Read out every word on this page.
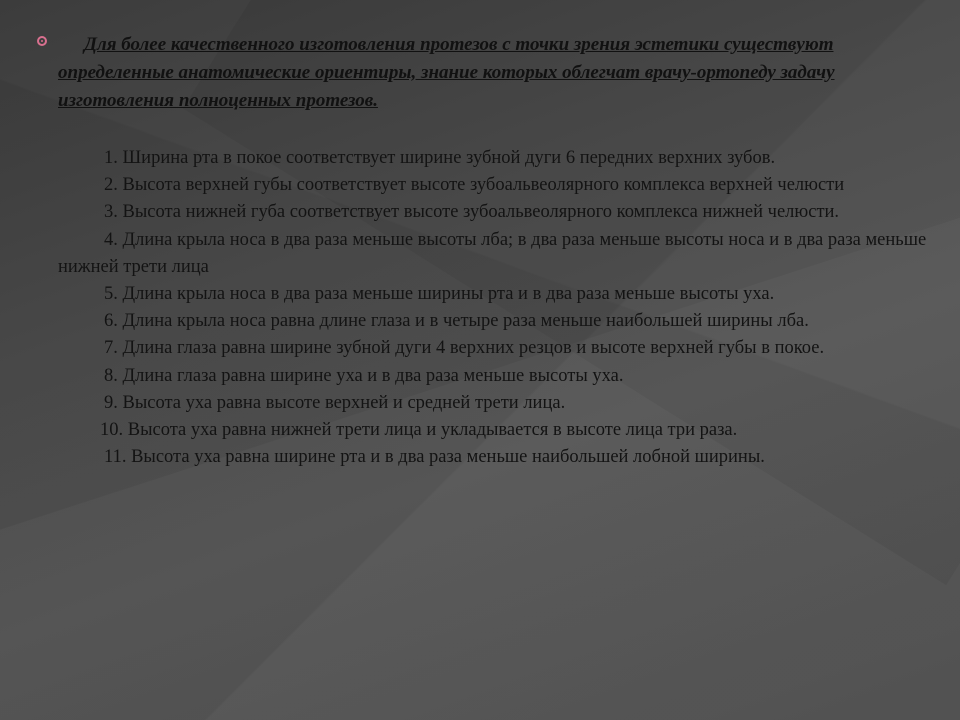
Для более качественного изготовления протезов с точки зрения эстетики существуют определенные анатомические ориентиры, знание которых облегчат врачу-ортопеду задачу изготовления полноценных протезов.

1. Ширина рта в покое соответствует ширине зубной дуги 6 передних верхних зубов.

2. Высота верхней губы соответствует высоте зубоальвеолярного комплекса верхней челюсти

3. Высота нижней губа соответствует высоте зубоальвеолярного комплекса нижней челюсти.

4. Длина крыла носа в два раза меньше высоты лба; в два раза меньше высоты носа и в два раза меньше нижней трети лица

5. Длина крыла носа в два раза меньше ширины рта и в два раза меньше высоты уха.

6. Длина крыла носа равна длине глаза и в четыре раза меньше наибольшей ширины лба.

7. Длина глаза равна ширине зубной дуги 4 верхних резцов и высоте верхней губы в покое.

8. Длина глаза равна ширине уха и в два раза меньше высоты уха.

9. Высота уха равна высоте верхней и средней трети лица.

10. Высота уха равна нижней трети лица и укладывается в высоте лица три раза.

11. Высота уха равна ширине рта и в два раза меньше наибольшей лобной ширины.
